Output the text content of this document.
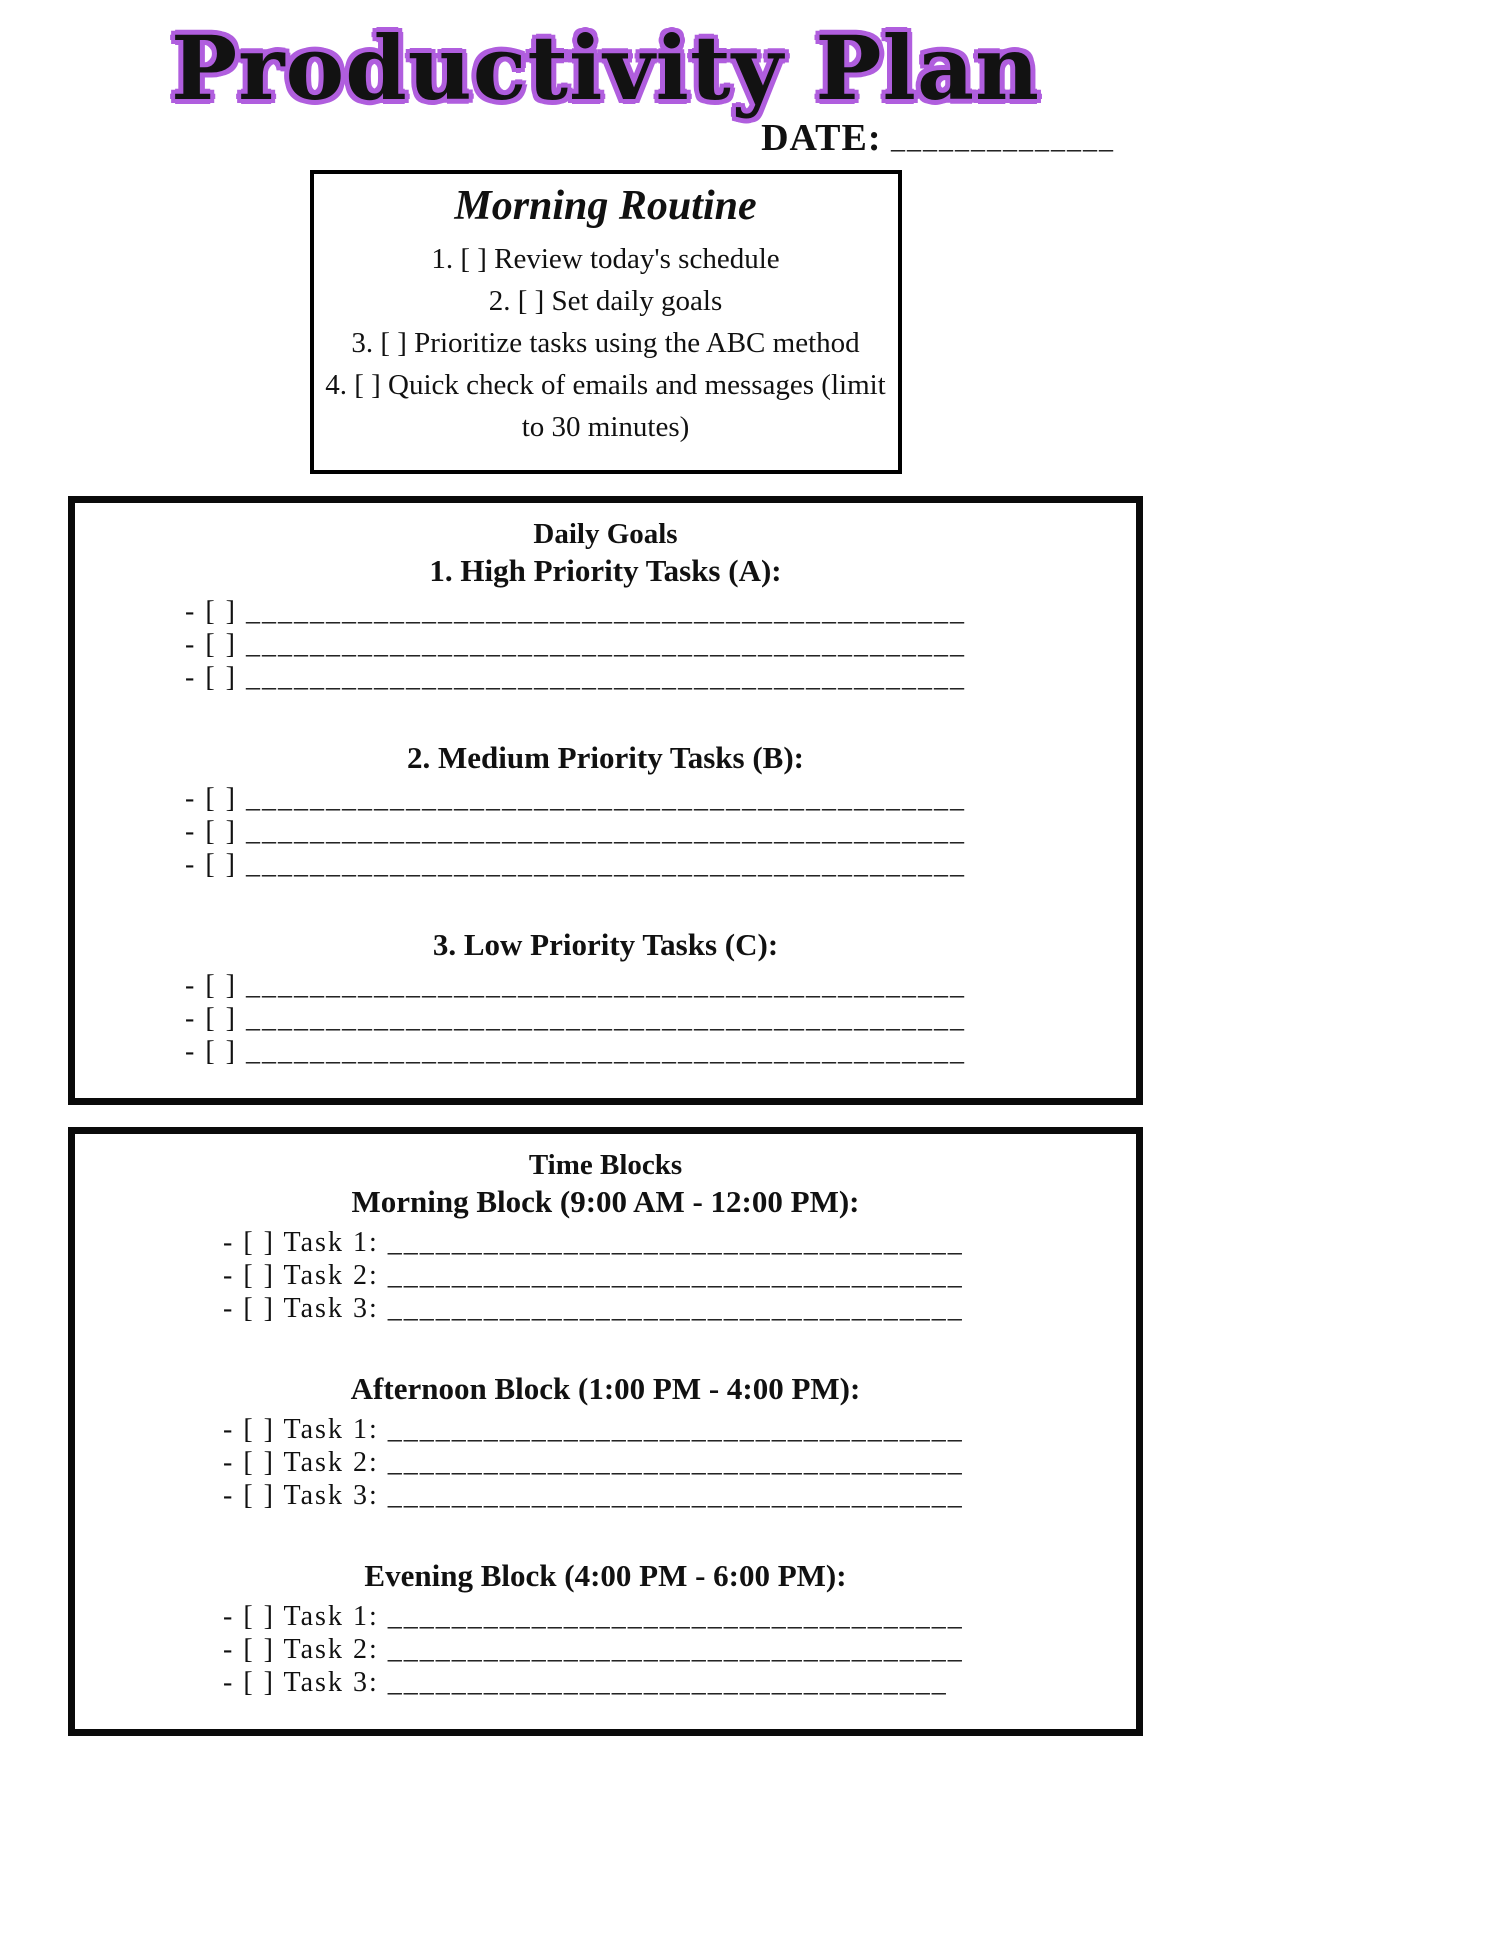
Productivity Plan
DATE: ______________
Morning Routine
1. [ ] Review today's schedule
2. [ ] Set daily goals
3. [ ] Prioritize tasks using the ABC method
4. [ ] Quick check of emails and messages (limit to 30 minutes)
Daily Goals
1. High Priority Tasks (A):
- [ ] _____________________________________________
- [ ] _____________________________________________
- [ ] _____________________________________________
2. Medium Priority Tasks (B):
- [ ] _____________________________________________
- [ ] _____________________________________________
- [ ] _____________________________________________
3. Low Priority Tasks (C):
- [ ] _____________________________________________
- [ ] _____________________________________________
- [ ] _____________________________________________
Time Blocks
Morning Block (9:00 AM - 12:00 PM):
- [ ] Task 1: ____________________________________
- [ ] Task 2: ____________________________________
- [ ] Task 3: ____________________________________
Afternoon Block (1:00 PM - 4:00 PM):
- [ ] Task 1: ____________________________________
- [ ] Task 2: ____________________________________
- [ ] Task 3: ____________________________________
Evening Block (4:00 PM - 6:00 PM):
- [ ] Task 1: ____________________________________
- [ ] Task 2: ____________________________________
- [ ] Task 3: ___________________________________
